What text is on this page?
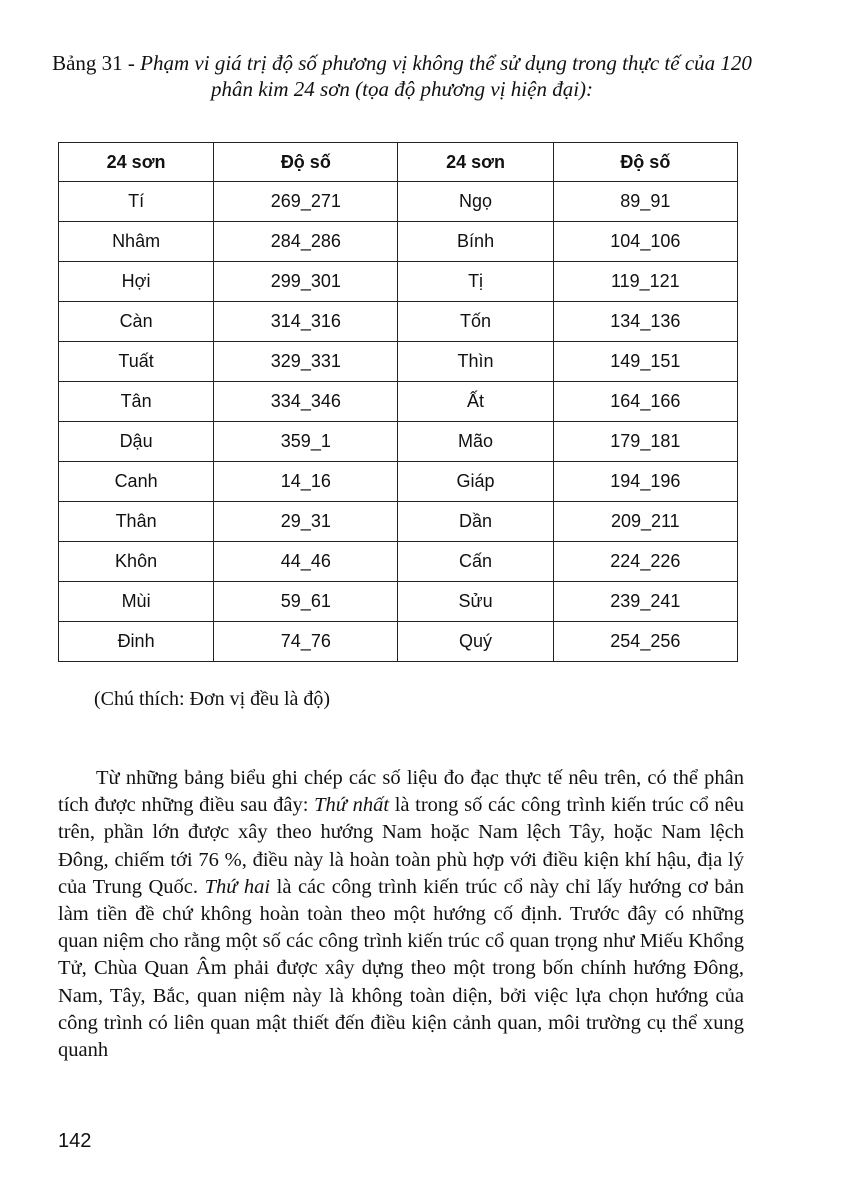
Bảng 31 - Phạm vi giá trị độ số phương vị không thể sử dụng trong thực tế của 120 phân kim 24 sơn (tọa độ phương vị hiện đại):
24 sơn	Độ số	24 sơn	Độ số
Tí	269_271	Ngọ	89_91
Nhâm	284_286	Bính	104_106
Hợi	299_301	Tị	119_121
Càn	314_316	Tốn	134_136
Tuất	329_331	Thìn	149_151
Tân	334_346	Ất	164_166
Dậu	359_1	Mão	179_181
Canh	14_16	Giáp	194_196
Thân	29_31	Dần	209_211
Khôn	44_46	Cấn	224_226
Mùi	59_61	Sửu	239_241
Đinh	74_76	Quý	254_256
(Chú thích: Đơn vị đều là độ)

Từ những bảng biểu ghi chép các số liệu đo đạc thực tế nêu trên, có thể phân tích được những điều sau đây: Thứ nhất là trong số các công trình kiến trúc cổ nêu trên, phần lớn được xây theo hướng Nam hoặc Nam lệch Tây, hoặc Nam lệch Đông, chiếm tới 76 %, điều này là hoàn toàn phù hợp với điều kiện khí hậu, địa lý của Trung Quốc. Thứ hai là các công trình kiến trúc cổ này chỉ lấy hướng cơ bản làm tiền đề chứ không hoàn toàn theo một hướng cố định. Trước đây có những quan niệm cho rằng một số các công trình kiến trúc cổ quan trọng như Miếu Khổng Tử, Chùa Quan Âm phải được xây dựng theo một trong bốn chính hướng Đông, Nam, Tây, Bắc, quan niệm này là không toàn diện, bởi việc lựa chọn hướng của công trình có liên quan mật thiết đến điều kiện cảnh quan, môi trường cụ thể xung quanh

142
